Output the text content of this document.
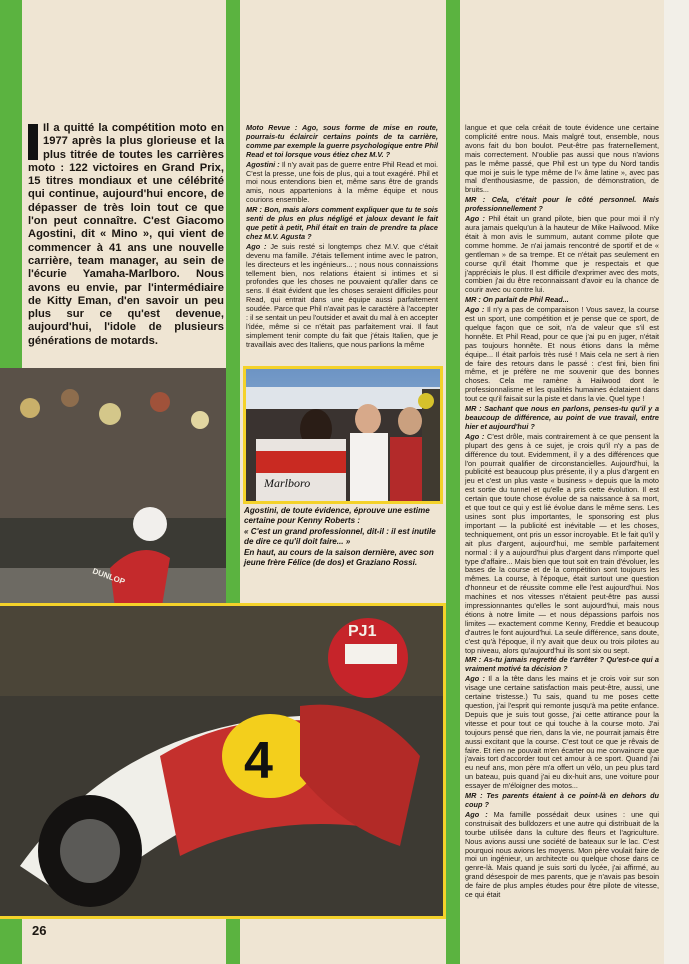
Il a quitté la compétition moto en 1977 après la plus glorieuse et la plus titrée de toutes les carrières moto : 122 victoires en Grand Prix, 15 titres mondiaux et une célébrité qui continue, aujourd'hui encore, de dépasser de très loin tout ce que l'on peut connaître. C'est Giacomo Agostini, dit « Mino », qui vient de commencer à 41 ans une nouvelle carrière, team manager, au sein de l'écurie Yamaha-Marlboro. Nous avons eu envie, par l'intermédiaire de Kitty Eman, d'en savoir un peu plus sur ce qu'est devenue, aujourd'hui, l'idole de plusieurs générations de motards.

Moto Revue : Ago, sous forme de mise en route, pourrais-tu éclaircir certains points de ta carrière, comme par exemple la guerre psychologique entre Phil Read et toi lorsque vous étiez chez M.V. ?

Agostini : Il n'y avait pas de guerre entre Phil Read et moi. C'est la presse, une fois de plus, qui a tout exagéré. Phil et moi nous entendions bien et, même sans être de grands amis, nous appartenions à la même équipe et nous courions ensemble.

MR : Bon, mais alors comment expliquer que tu te sois senti de plus en plus négligé et jaloux devant le fait que petit à petit, Phil était en train de prendre ta place chez M.V. Agusta ?

Ago : Je suis resté si longtemps chez M.V. que c'était devenu ma famille. J'étais tellement intime avec le patron, les directeurs et les ingénieurs... ; nous nous connaissions tellement bien, nos relations étaient si intimes et si profondes que les choses ne pouvaient qu'aller dans ce sens. Il était évident que les choses seraient difficiles pour Read, qui entrait dans une équipe aussi parfaitement soudée. Parce que Phil n'avait pas le caractère à l'accepter : il se sentait un peu l'outsider et avait du mal à en accepter l'idée, même si ce n'était pas parfaitement vrai. Il faut simplement tenir compte du fait que j'étais Italien, que je travaillais avec des Italiens, que nous parlions la même

langue et que cela créait de toute évidence une certaine complicité entre nous. Mais malgré tout, ensemble, nous avons fait du bon boulot. Peut-être pas fraternellement, mais correctement. N'oublie pas aussi que nous n'avions pas le même passé, que Phil est un type du Nord tandis que moi je suis le type même de l'« âme latine », avec pas mal d'enthousiasme, de passion, de démonstration, de bruits...

MR : Cela, c'était pour le côté personnel. Mais professionnellement ?

Ago : Phil était un grand pilote, bien que pour moi il n'y aura jamais quelqu'un à la hauteur de Mike Hailwood. Mike était à mon avis le summum, autant comme pilote que comme homme. Je n'ai jamais rencontré de sportif et de « gentleman » de sa trempe. Et ce n'était pas seulement en course qu'il était l'homme que je respectais et que j'appréciais le plus. Il est difficile d'exprimer avec des mots, combien j'ai du être reconnaissant d'avoir eu la chance de courir avec ou contre lui.

MR : On parlait de Phil Read...

Ago : Il n'y a pas de comparaison ! Vous savez, la course est un sport, une compétition et je pense que ce sport, de quelque façon que ce soit, n'a de valeur que s'il est honnête. Et Phil Read, pour ce que j'ai pu en juger, n'était pas toujours honnête. Et nous étions dans la même équipe... Il était parfois très rusé ! Mais cela ne sert à rien de faire des retours dans le passé : c'est fini, bien fini même, et je préfère ne me souvenir que des bonnes choses. Cela me ramène à Hailwood dont le professionnalisme et les qualités humaines éclataient dans tout ce qu'il faisait sur la piste et dans la vie. Quel type !

MR : Sachant que nous en parlons, penses-tu qu'il y a beaucoup de différence, au point de vue travail, entre hier et aujourd'hui ?

Ago : C'est drôle, mais contrairement à ce que pensent la plupart des gens à ce sujet, je crois qu'il n'y a pas de différence du tout. Evidemment, il y a des différences que l'on pourrait qualifier de circonstancielles. Aujourd'hui, la publicité est beaucoup plus présente, il y a plus d'argent en jeu et c'est un plus vaste « business » depuis que la moto est sortie du tunnel et qu'elle a pris cette évolution. Il est certain que toute chose évolue de sa naissance à sa mort, et que tout ce qui y est lié évolue dans le même sens. Les usines sont plus importantes, le sponsoring est plus important — la publicité est inévitable — et les choses, techniquement, ont pris un essor incroyable. Et le fait qu'il y ait plus d'argent, aujourd'hui, me semble parfaitement normal : il y a aujourd'hui plus d'argent dans n'importe quel type d'affaire... Mais bien que tout soit en train d'évoluer, les bases de la course et de la compétition sont toujours les mêmes. La course, à l'époque, était surtout une question d'honneur et de réussite comme elle l'est aujourd'hui. Nos machines et nos vitesses n'étaient peut-être pas aussi impressionnantes qu'elles le sont aujourd'hui, mais nous étions à notre limite — et nous dépassions parfois nos limites — exactement comme Kenny, Freddie et beaucoup d'autres le font aujourd'hui. La seule différence, sans doute, c'est qu'à l'époque, il n'y avait que deux ou trois pilotes au top niveau, alors qu'aujourd'hui ils sont six ou sept.

MR : As-tu jamais regretté de t'arrêter ? Qu'est-ce qui a vraiment motivé ta décision ?

Ago : Il a la tête dans les mains et je crois voir sur son visage une certaine satisfaction mais peut-être, aussi, une certaine tristesse.) Tu sais, quand tu me poses cette question, j'ai l'esprit qui remonte jusqu'à ma petite enfance. Depuis que je suis tout gosse, j'ai cette attirance pour la vitesse et pour tout ce qui touche à la course moto. J'ai toujours pensé que rien, dans la vie, ne pourrait jamais être aussi excitant que la course. C'est tout ce que je rêvais de faire. Et rien ne pouvait m'en écarter ou me convaincre que j'avais tort d'accorder tout cet amour à ce sport. Quand j'ai eu neuf ans, mon père m'a offert un vélo, un peu plus tard un bateau, puis quand j'ai eu dix-huit ans, une voiture pour essayer de m'éloigner des motos...

MR : Tes parents étaient à ce point-là en dehors du coup ?

Ago : Ma famille possédait deux usines : une qui construisait des bulldozers et une autre qui distribuait de la tourbe utilisée dans la culture des fleurs et l'agriculture. Nous avions aussi une société de bateaux sur le lac. C'est pourquoi nous avions les moyens. Mon père voulait faire de moi un ingénieur, un architecte ou quelque chose dans ce genre-là. Mais quand je suis sorti du lycée, j'ai affirmé, au grand désespoir de mes parents, que je n'avais pas besoin de faire de plus amples études pour être pilote de vitesse, ce qui était

Marlboro
Agostini, de toute évidence, éprouve une estime certaine pour Kenny Roberts :
« C'est un grand professionnel, dit-il : il est inutile de dire ce qu'il doit faire... »
En haut, au cours de la saison dernière, avec son jeune frère Félice (de dos) et Graziano Rossi.
DUNLOP
4
PJ1
26
